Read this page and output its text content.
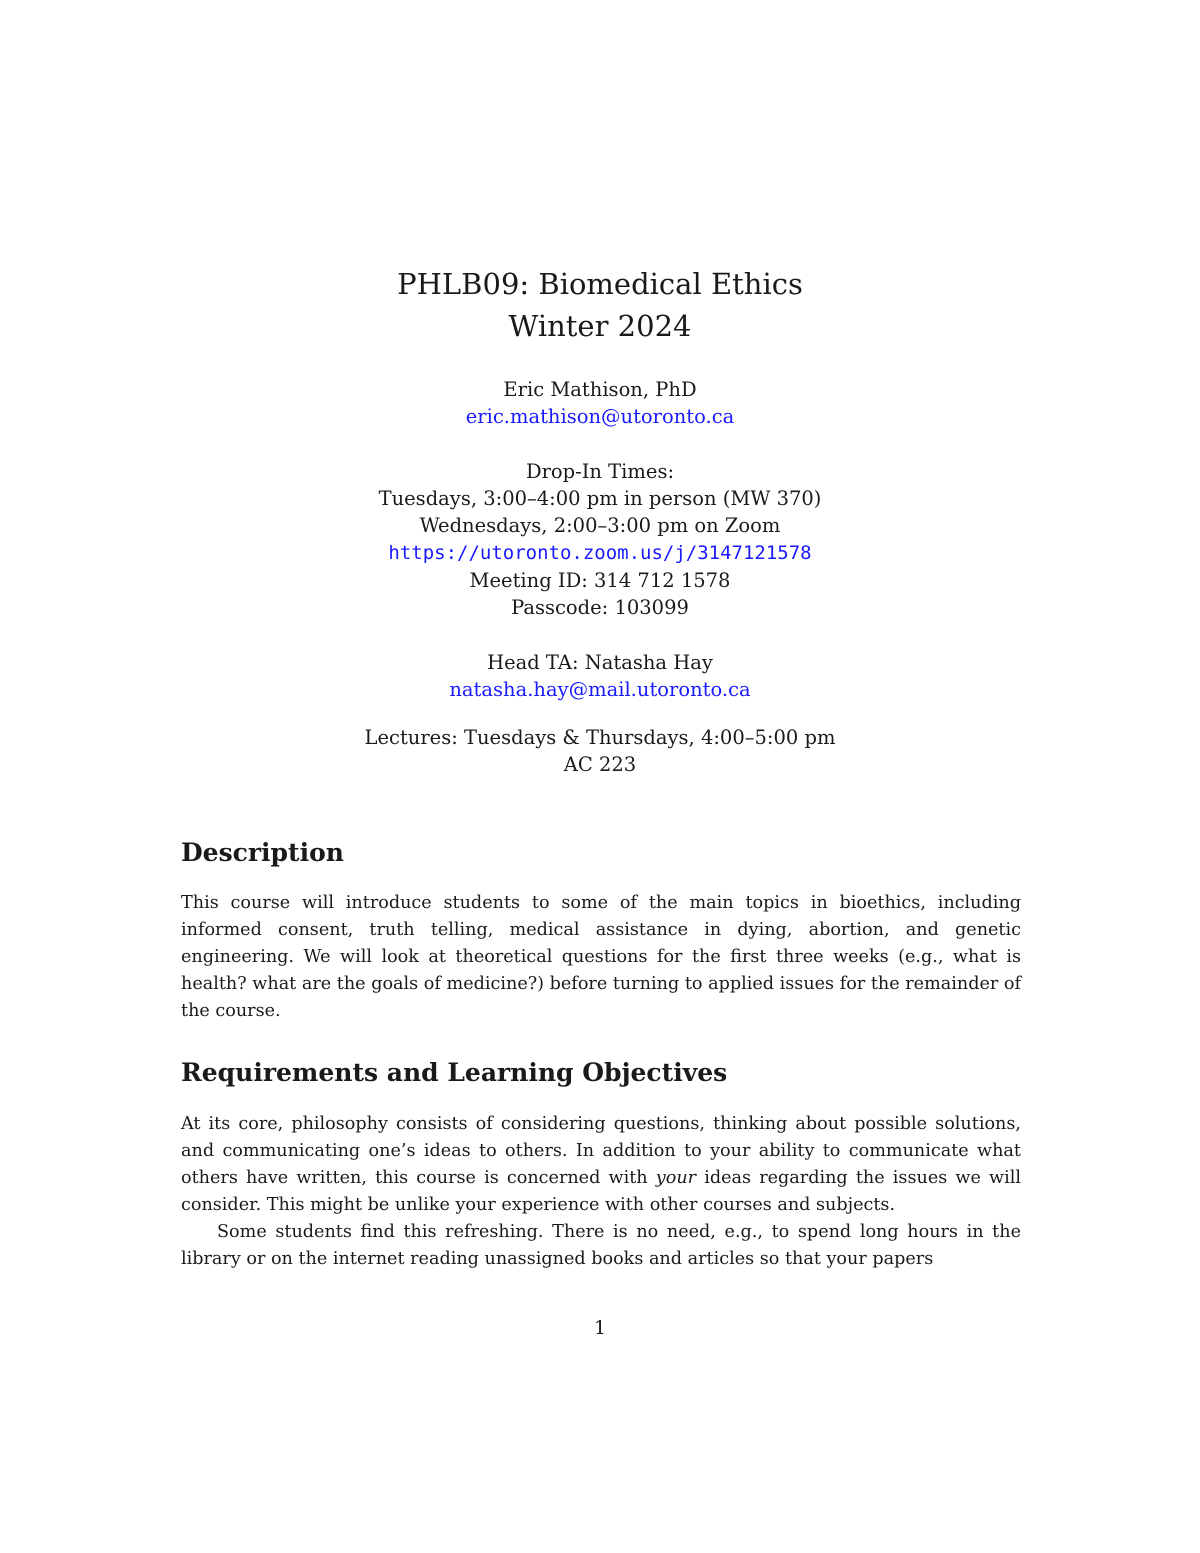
PHLB09: Biomedical Ethics
Winter 2024
Eric Mathison, PhD
eric.mathison@utoronto.ca
Drop-In Times:
Tuesdays, 3:00–4:00 pm in person (MW 370)
Wednesdays, 2:00–3:00 pm on Zoom
https://utoronto.zoom.us/j/3147121578
Meeting ID: 314 712 1578
Passcode: 103099
Head TA: Natasha Hay
natasha.hay@mail.utoronto.ca
Lectures: Tuesdays & Thursdays, 4:00–5:00 pm
AC 223
Description

This course will introduce students to some of the main topics in bioethics, including informed consent, truth telling, medical assistance in dying, abortion, and genetic engineering. We will look at theoretical questions for the first three weeks (e.g., what is health? what are the goals of medicine?) before turning to applied issues for the remainder of the course.

Requirements and Learning Objectives

At its core, philosophy consists of considering questions, thinking about possible solutions, and communicating one’s ideas to others. In addition to your ability to communicate what others have written, this course is concerned with your ideas regarding the issues we will consider. This might be unlike your experience with other courses and subjects.

Some students find this refreshing. There is no need, e.g., to spend long hours in the library or on the internet reading unassigned books and articles so that your papers

1
